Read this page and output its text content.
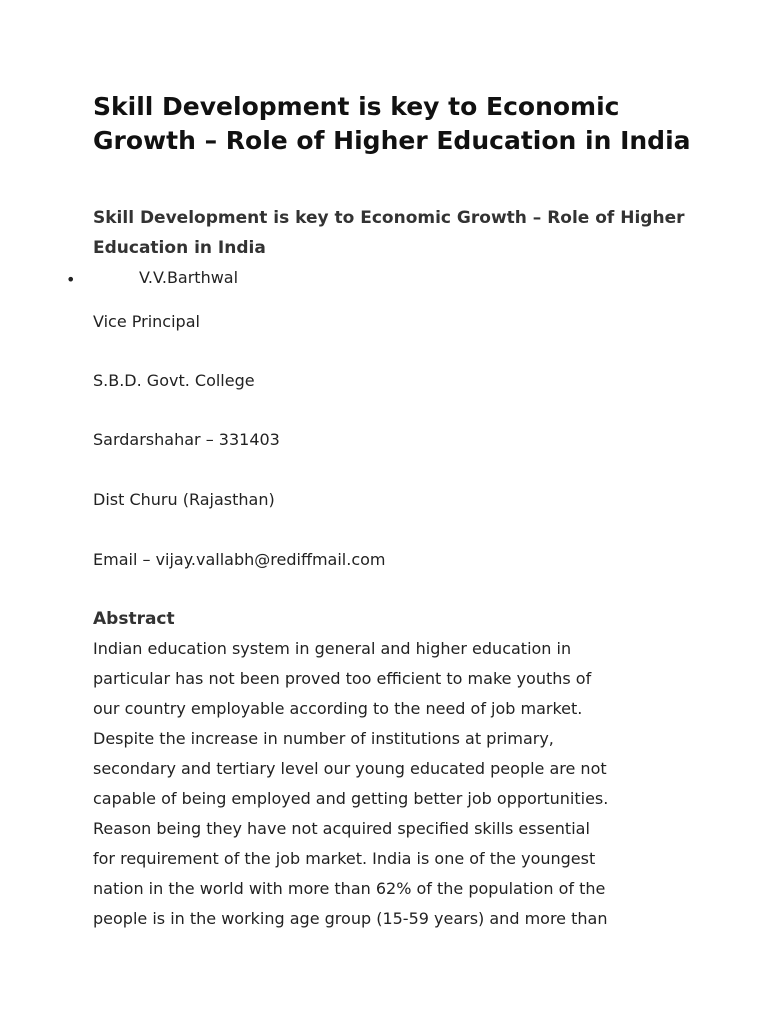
Skill Development is key to Economic Growth – Role of Higher Education in India

Skill Development is key to Economic Growth – Role of Higher Education in India

•	V.V.Barthwal
Vice Principal
S.B.D. Govt. College
Sardarshahar – 331403
Dist Churu (Rajasthan)
Email – vijay.vallabh@rediffmail.com
Abstract
Indian education system in general and higher education in
particular has not been proved too efficient to make youths of
our country employable according to the need of job market.
Despite the increase in number of institutions at primary,
secondary and tertiary level our young educated people are not
capable of being employed and getting better job opportunities.
Reason being they have not acquired specified skills essential
for requirement of the job market. India is one of the youngest
nation in the world with more than 62% of the population of the
people is in the working age group (15-59 years) and more than
